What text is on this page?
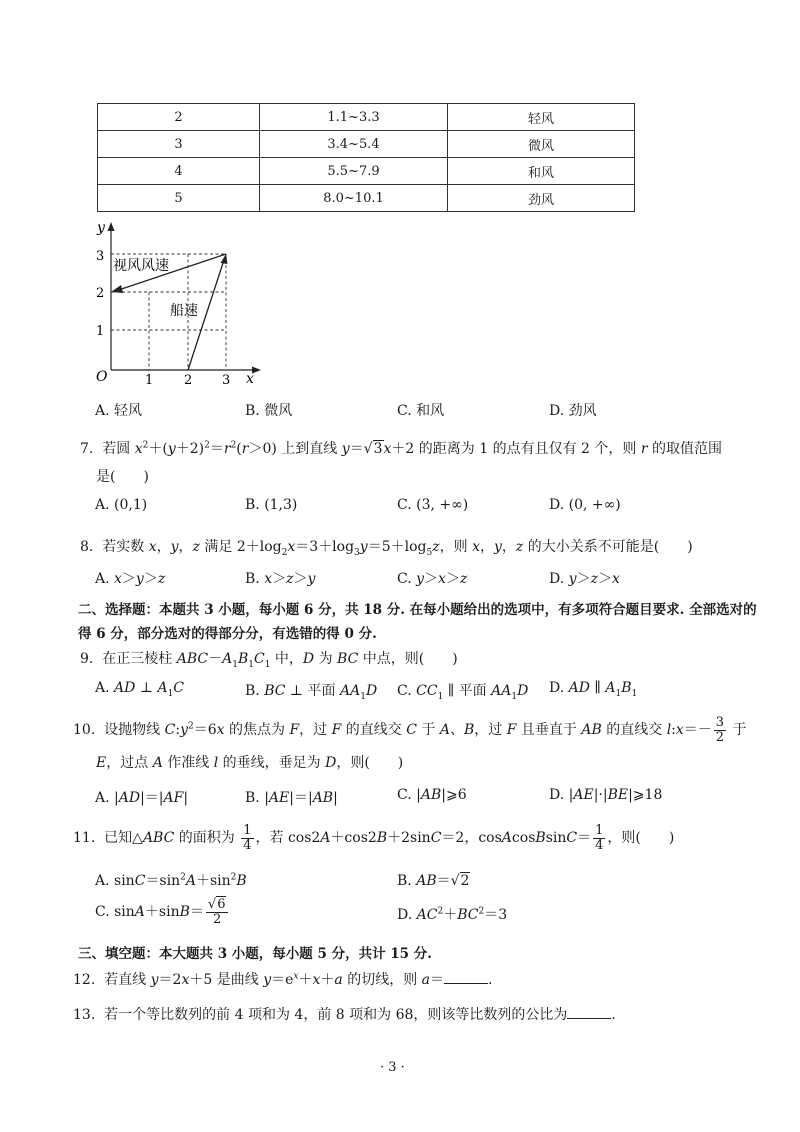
2	1.1~3.3	轻风
3	3.4~5.4	微风
4	5.5~7.9	和风
5	8.0~10.1	劲风
y
x
O	1 2 3
1
2
3
视风风速
船速
A. 轻风	B. 微风	C. 和风	D. 劲风
7.  若圆 $x^2+(y+2)^2=r^2(r>0)$ 上到直线 y＝√3x＋2 的距离为 1 的点有且仅有 2 个，则 r 的取值范围
是(　　)
A. (0,1)	B. (1,3)	C. (3, +∞)	D. (0, +∞)
8.  若实数 x，y，z 满足 $2+\log_2x=3+\log_3y=5+\log_5z$，则 x，y，z 的大小关系不可能是(　　)
A. x＞y＞z	B. x＞z＞y	C. y＞x＞z	D. y＞z＞x
二、选择题：本题共 3 小题，每小题 6 分，共 18 分. 在每小题给出的选项中，有多项符合题目要求. 全部选对的
得 6 分，部分选对的得部分分，有选错的得 0 分.
9.  在正三棱柱 $ABC-A_1B_1C_1$ 中，D 为 BC 中点，则(　　)
A. AD ⊥ $A_1C$	B. BC ⊥ 平面 $AA_1D$ C. $CC_1$ ∥ 平面 $AA_1D$ D. AD ∥ $A_1B_1$
10.  设抛物线 $C:y^2=6x$ 的焦点为 F，过 F 的直线交 C 于 A、B，过 F 且垂直于 AB 的直线交 l:x＝－ $\frac{3}{2}$ 于
E，过点 A 作准线 l 的垂线，垂足为 D，则(　　)
A. |AD|＝|AF|	B. |AE|＝|AB|	C. |AB|⩾6	D. |AE|·|BE|⩾18
11.  已知△ABC 的面积为 $\frac{1}{4}$ ，若 cos2A＋cos2B＋2sinC＝2，cosAcosBsinC＝ $\frac{1}{4}$ ，则(　　)
A. $\sin C=\sin^2A+\sin^2B$	B. AB＝√2
C. $\sin A+\sin B= \frac{√6}{2}$	D. $AC^2+BC^2=3$
三、填空题：本大题共 3 小题，每小题 5 分，共计 15 分.
12.  若直线 y＝2x＋5 是曲线 $y=e^x+x+a$ 的切线，则 a＝	.
13. 若一个等比数列的前 4 项和为 4，前 8 项和为 68，则该等比数列的公比为	.
· 3 ·
